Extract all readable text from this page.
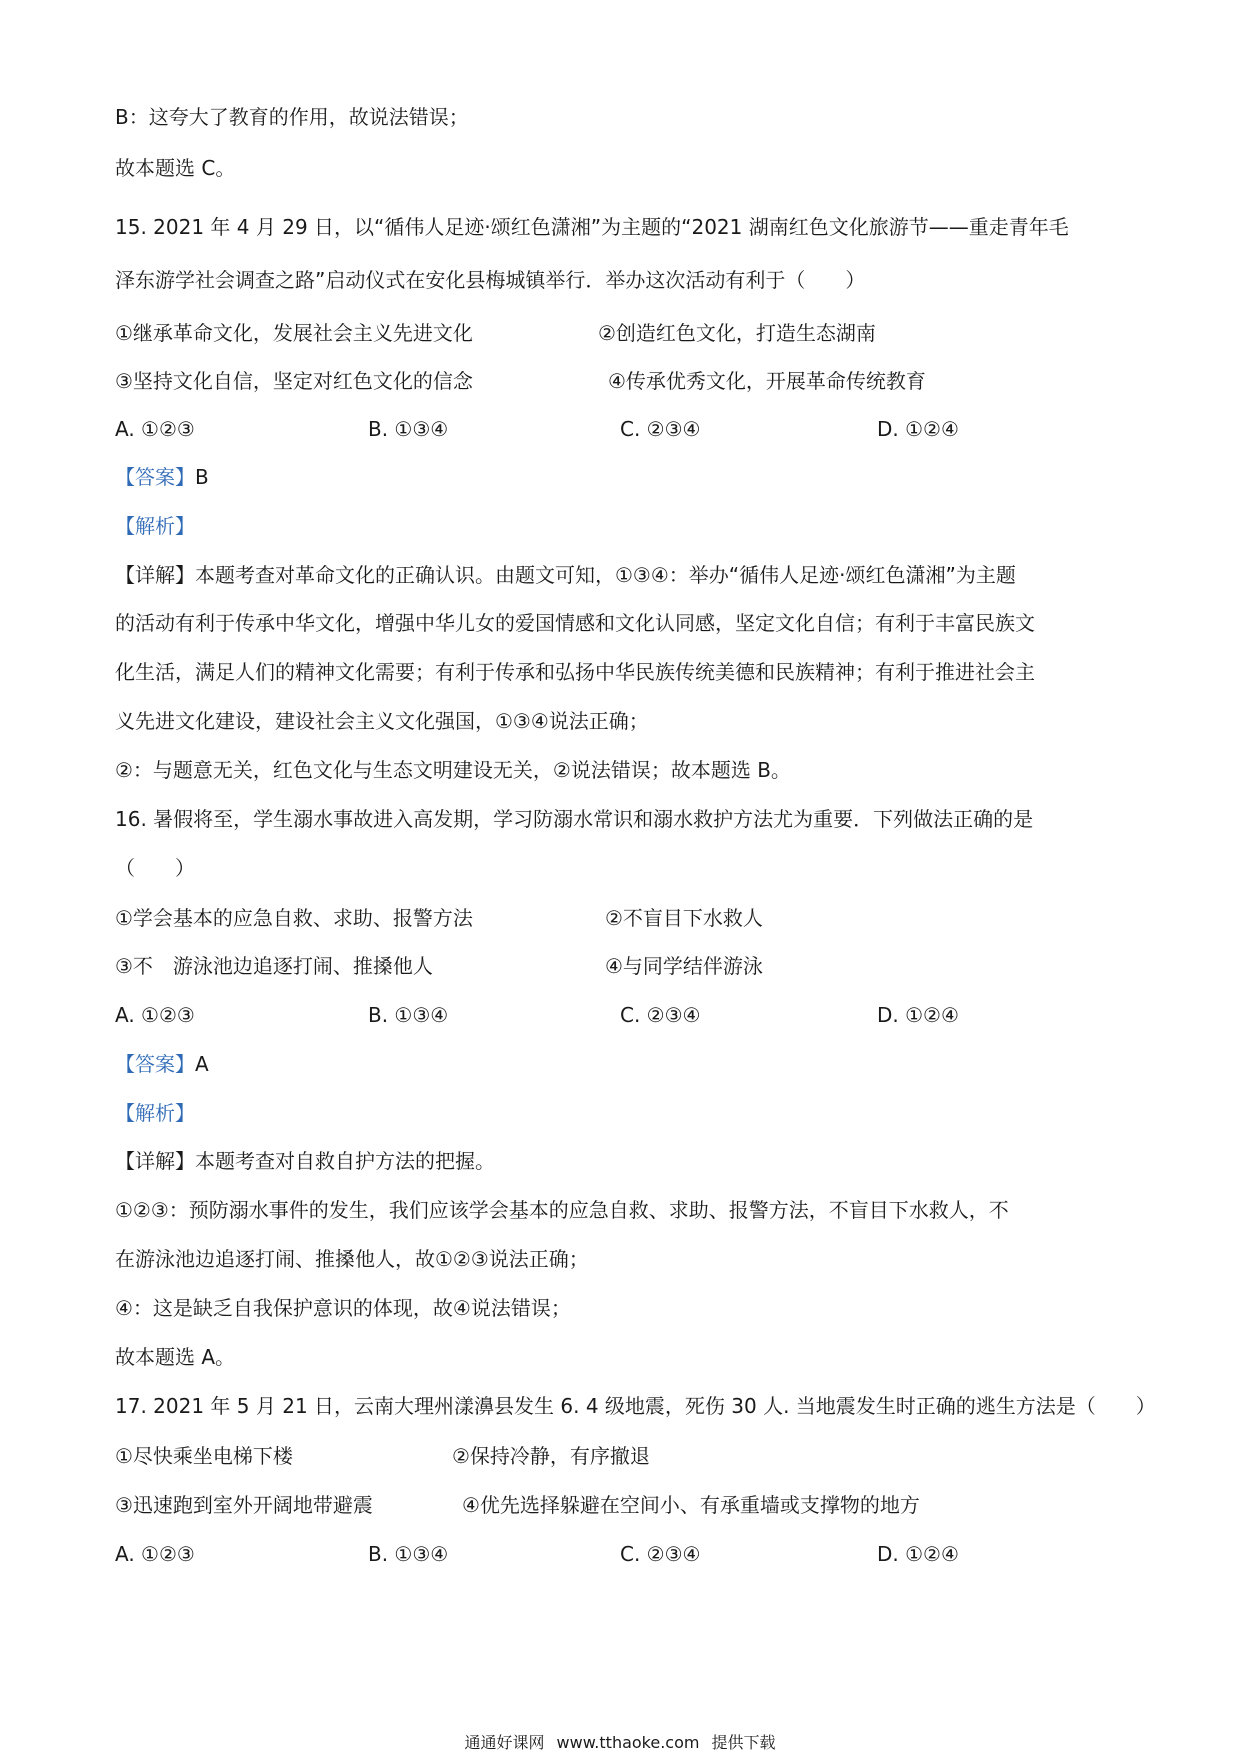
B：这夸大了教育的作用，故说法错误；
故本题选 C。
15. 2021 年 4 月 29 日，以“循伟人足迹·颂红色潇湘”为主题的“2021 湖南红色文化旅游节——重走青年毛
泽东游学社会调查之路”启动仪式在安化县梅城镇举行．举办这次活动有利于（　　）
①继承革命文化，发展社会主义先进文化	②创造红色文化，打造生态湖南
③坚持文化自信，坚定对红色文化的信念	④传承优秀文化，开展革命传统教育
A. ①②③	B. ①③④	C. ②③④	D. ①②④
【答案】B
【解析】
【详解】本题考查对革命文化的正确认识。由题文可知，①③④：举办“循伟人足迹·颂红色潇湘”为主题
的活动有利于传承中华文化，增强中华儿女的爱国情感和文化认同感，坚定文化自信；有利于丰富民族文
化生活，满足人们的精神文化需要；有利于传承和弘扬中华民族传统美德和民族精神；有利于推进社会主
义先进文化建设，建设社会主义文化强国，①③④说法正确；
②：与题意无关，红色文化与生态文明建设无关，②说法错误；故本题选 B。
16. 暑假将至，学生溺水事故进入高发期，学习防溺水常识和溺水救护方法尤为重要．下列做法正确的是
（　　）
①学会基本的应急自救、求助、报警方法	②不盲目下水救人
③不　游泳池边追逐打闹、推搡他人	④与同学结伴游泳
A. ①②③	B. ①③④	C. ②③④	D. ①②④
【答案】A
【解析】
【详解】本题考查对自救自护方法的把握。
①②③：预防溺水事件的发生，我们应该学会基本的应急自救、求助、报警方法，不盲目下水救人，不
在游泳池边追逐打闹、推搡他人，故①②③说法正确；
④：这是缺乏自我保护意识的体现，故④说法错误；
故本题选 A。
17. 2021 年 5 月 21 日，云南大理州漾濞县发生 6. 4 级地震，死伤 30 人. 当地震发生时正确的逃生方法是（　　）
①尽快乘坐电梯下楼	②保持冷静，有序撤退
③迅速跑到室外开阔地带避震	④优先选择躲避在空间小、有承重墙或支撑物的地方
A. ①②③	B. ①③④	C. ②③④	D. ①②④
通通好课网 www.tthaoke.com 提供下载
